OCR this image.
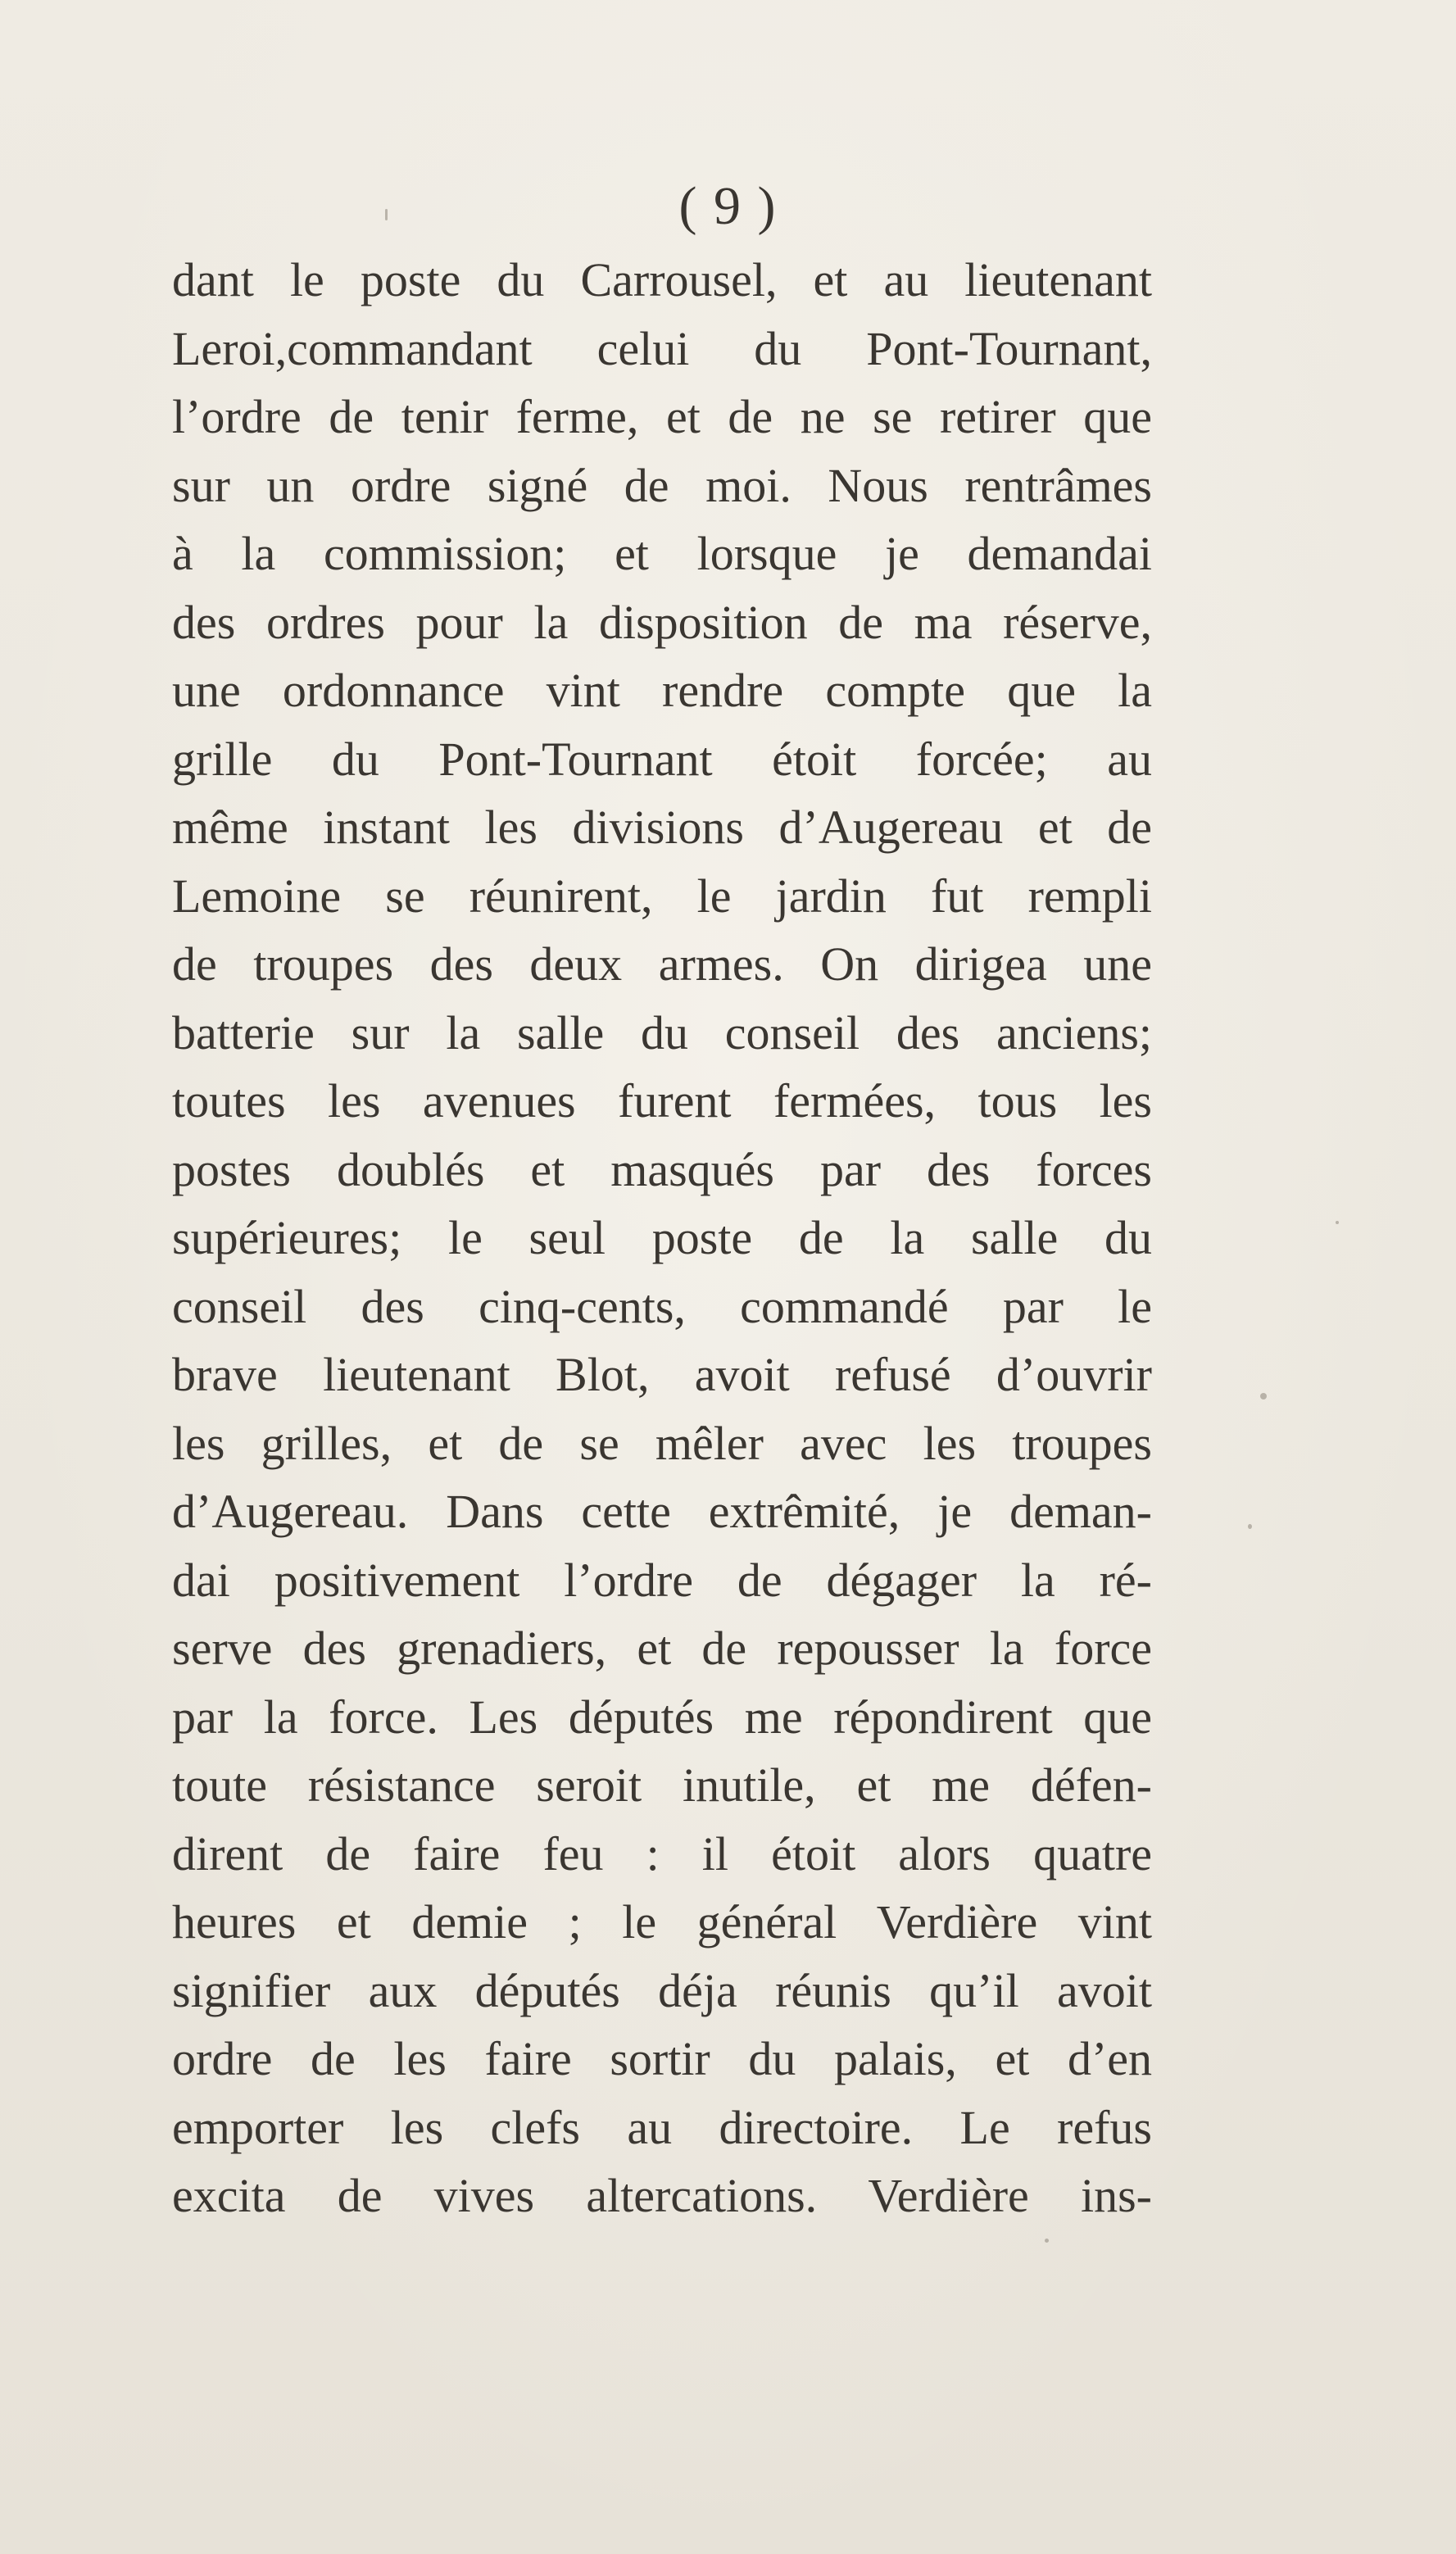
( 9 )
dant le poste du Carrousel, et au lieutenant
Leroi,commandant celui du Pont-Tournant,
l’ordre de tenir ferme, et de ne se retirer que
sur un ordre signé de moi. Nous rentrâmes
à la commission; et lorsque je demandai
des ordres pour la disposition de ma réserve,
une ordonnance vint rendre compte que la
grille du Pont-Tournant étoit forcée; au
même instant les divisions d’Augereau et de
Lemoine se réunirent, le jardin fut rempli
de troupes des deux armes. On dirigea une
batterie sur la salle du conseil des anciens;
toutes les avenues furent fermées, tous les
postes doublés et masqués par des forces
supérieures; le seul poste de la salle du
conseil des cinq-cents, commandé par le
brave lieutenant Blot, avoit refusé d’ouvrir
les grilles, et de se mêler avec les troupes
d’Augereau. Dans cette extrêmité, je deman-
dai positivement l’ordre de dégager la ré-
serve des grenadiers, et de repousser la force
par la force. Les députés me répondirent que
toute résistance seroit inutile, et me défen-
dirent de faire feu : il étoit alors quatre
heures et demie ; le général Verdière vint
signifier aux députés déja réunis qu’il avoit
ordre de les faire sortir du palais, et d’en
emporter les clefs au directoire. Le refus
excita de vives altercations. Verdière ins-
